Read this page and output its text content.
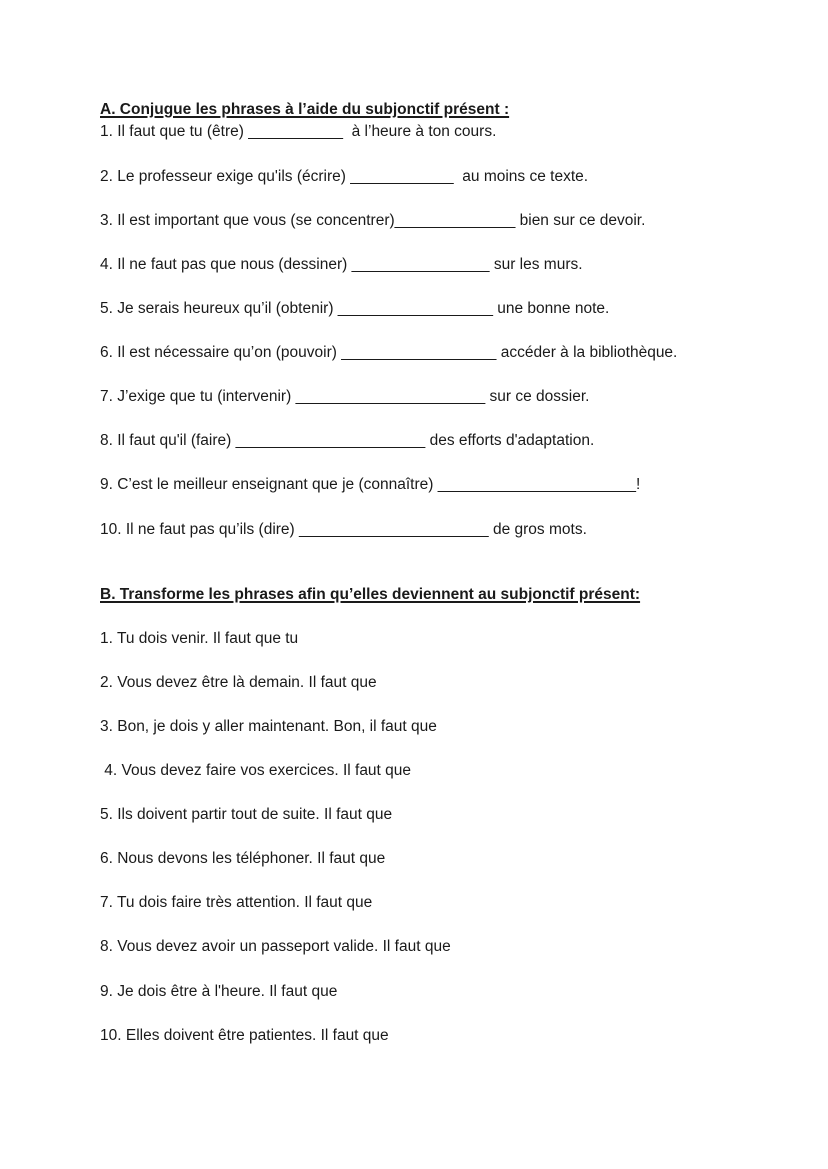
A. Conjugue les phrases à l’aide du subjonctif présent :

1. Il faut que tu (être) ___________  à l’heure à ton cours.

2. Le professeur exige qu'ils (écrire) ____________  au moins ce texte.

3. Il est important que vous (se concentrer)______________ bien sur ce devoir.

4. Il ne faut pas que nous (dessiner) ________________ sur les murs.

5. Je serais heureux qu’il (obtenir) __________________ une bonne note.

6. Il est nécessaire qu’on (pouvoir) __________________ accéder à la bibliothèque.

7. J’exige que tu (intervenir) ______________________ sur ce dossier.

8. Il faut qu'il (faire) ______________________ des efforts d'adaptation.

9. C’est le meilleur enseignant que je (connaître) _______________________!

10. Il ne faut pas qu’ils (dire) ______________________ de gros mots.

B. Transforme les phrases afin qu’elles deviennent au subjonctif présent:

1. Tu dois venir. Il faut que tu

2. Vous devez être là demain. Il faut que

3. Bon, je dois y aller maintenant. Bon, il faut que

4. Vous devez faire vos exercices. Il faut que

5. Ils doivent partir tout de suite. Il faut que

6. Nous devons les téléphoner. Il faut que

7. Tu dois faire très attention. Il faut que

8. Vous devez avoir un passeport valide. Il faut que

9. Je dois être à l'heure. Il faut que

10. Elles doivent être patientes. Il faut que
